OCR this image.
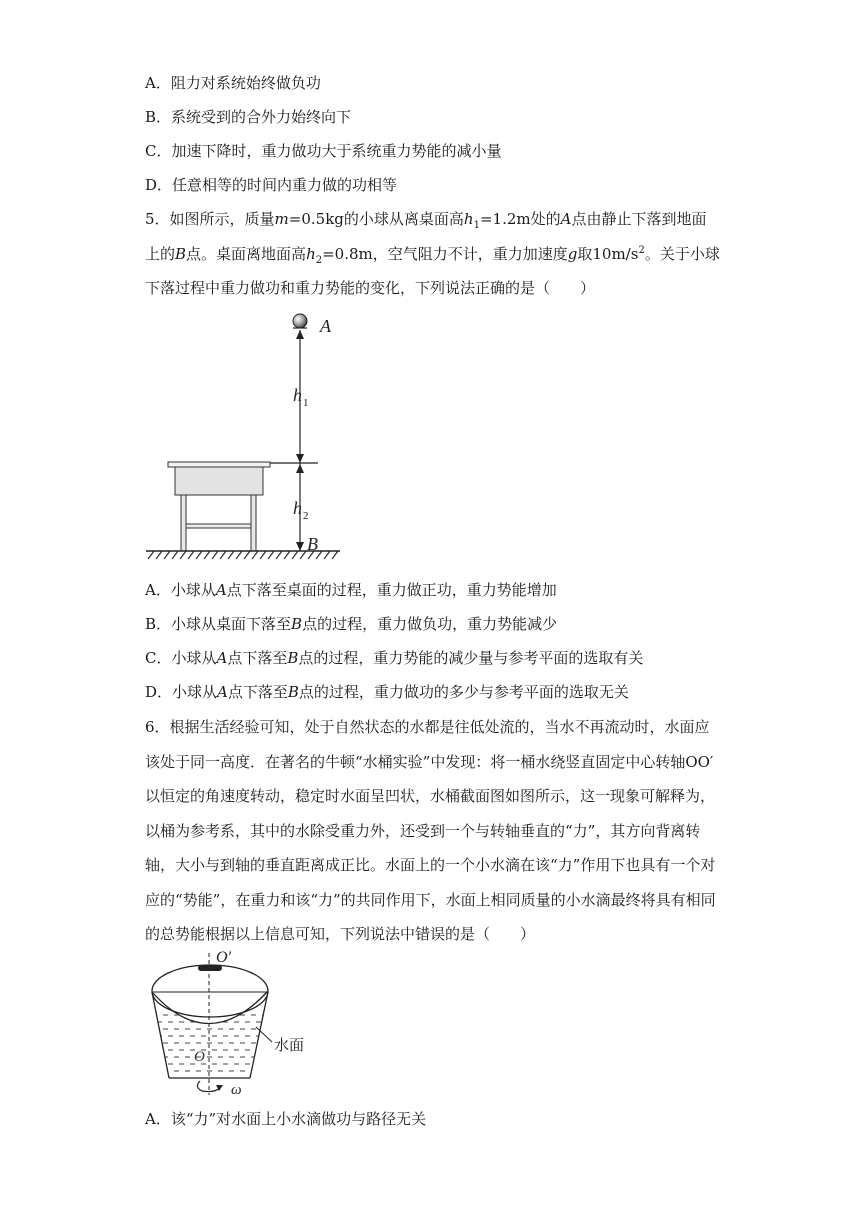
A．阻力对系统始终做负功
B．系统受到的合外力始终向下
C．加速下降时，重力做功大于系统重力势能的减小量
D．任意相等的时间内重力做的功相等
5．如图所示，质量m=0.5kg的小球从离桌面高$h_1=1.2m$处的A点由静止下落到地面上的B点。桌面离地面高$h_2=0.8m$，空气阻力不计，重力加速度g取$10m/s^2$。关于小球下落过程中重力做功和重力势能的变化，下列说法正确的是（　　）
A
h 1
h 2
B
A．小球从A点下落至桌面的过程，重力做正功，重力势能增加
B．小球从桌面下落至B点的过程，重力做负功，重力势能减少
C．小球从A点下落至B点的过程，重力势能的减少量与参考平面的选取有关
D．小球从A点下落至B点的过程，重力做功的多少与参考平面的选取无关
6．根据生活经验可知，处于自然状态的水都是往低处流的，当水不再流动时，水面应该处于同一高度．在著名的牛顿“水桶实验”中发现：将一桶水绕竖直固定中心转轴OO′以恒定的角速度转动，稳定时水面呈凹状，水桶截面图如图所示，这一现象可解释为，以桶为参考系，其中的水除受重力外，还受到一个与转轴垂直的“力”，其方向背离转轴，大小与到轴的垂直距离成正比。水面上的一个小水滴在该“力”作用下也具有一个对应的“势能”，在重力和该“力”的共同作用下，水面上相同质量的小水滴最终将具有相同的总势能根据以上信息可知，下列说法中错误的是（　　）
O′
O
水面
ω
A．该“力”对水面上小水滴做功与路径无关
